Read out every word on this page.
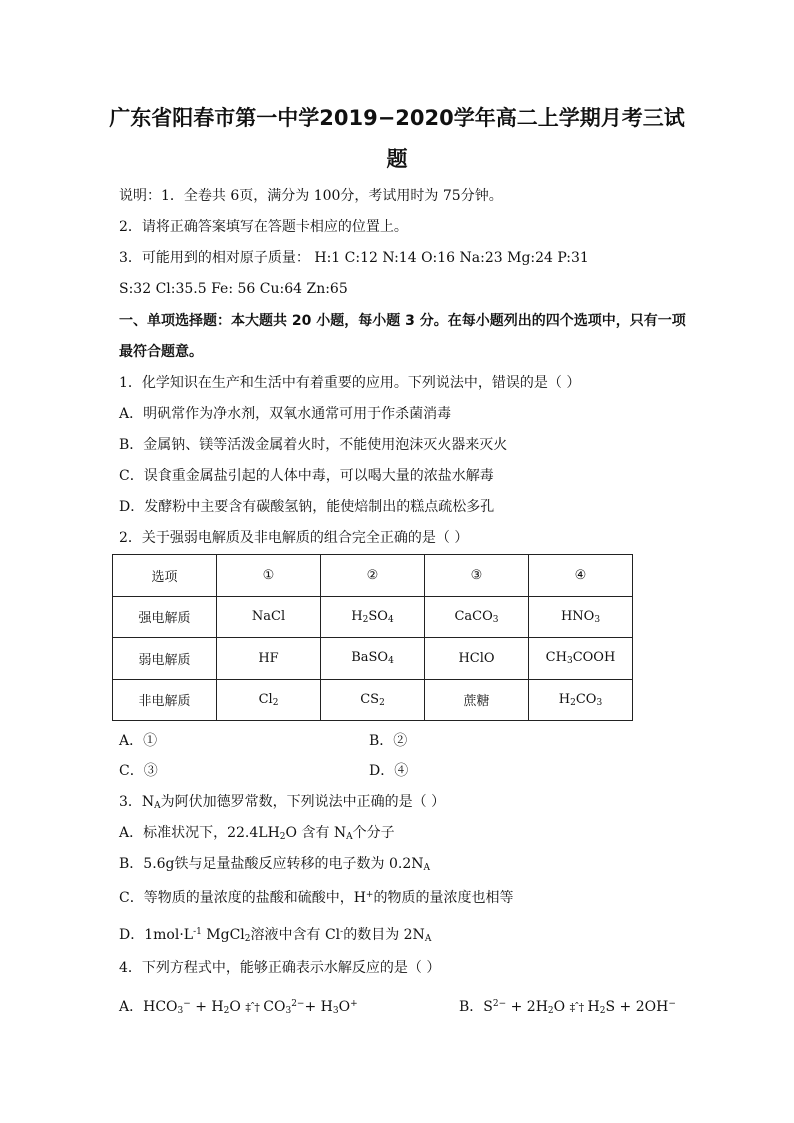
广东省阳春市第一中学2019−2020学年高二上学期月考三试
题
说明：1．全卷共 6页，满分为 100分，考试用时为 75分钟。
2．请将正确答案填写在答题卡相应的位置上。
3．可能用到的相对原子质量： H:1 C:12 N:14 O:16 Na:23 Mg:24 P:31
S:32 Cl:35.5 Fe: 56 Cu:64 Zn:65
一、单项选择题：本大题共 20 小题，每小题 3 分。在每小题列出的四个选项中，只有一项
最符合题意。
1．化学知识在生产和生活中有着重要的应用。下列说法中，错误的是（ ）
A．明矾常作为净水剂，双氧水通常可用于作杀菌消毒
B．金属钠、镁等活泼金属着火时，不能使用泡沫灭火器来灭火
C．误食重金属盐引起的人体中毒，可以喝大量的浓盐水解毒
D．发酵粉中主要含有碳酸氢钠，能使焙制出的糕点疏松多孔
2．关于强弱电解质及非电解质的组合完全正确的是（ ）
选项	①	②	③	④
强电解质	NaCl	$H_2SO_4$	CaCO$_3$	$HNO_3$
弱电解质	HF	BaSO$_4$	HClO	$CH_3COOH$
非电解质	$Cl_2$	$CS_2$	蔗糖	$H_2CO_3$
A．①	B．②
C．③	D．④
3．$N_A$为阿伏加德罗常数，下列说法中正确的是（ ）
A．标准状况下，$22.4LH_2O$ 含有 $N_A$个分子
B．5.6g铁与足量盐酸反应转移的电子数为 $0.2N_A$
C．等物质的量浓度的盐酸和硫酸中，H+的物质的量浓度也相等
D．$1mol\cdot L^{-1}$ MgCl$_2$溶液中含有 Cl-的数目为 $2N_A$
4．下列方程式中，能够正确表示水解反应的是（ ）
A．$HCO_3^- + H_2O$ ‡ˆ† $CO_3^{2-}+ H_3O^+$	B．$S^{2-} + 2H_2O$ ‡ˆ† $H_2S + 2OH^-$
